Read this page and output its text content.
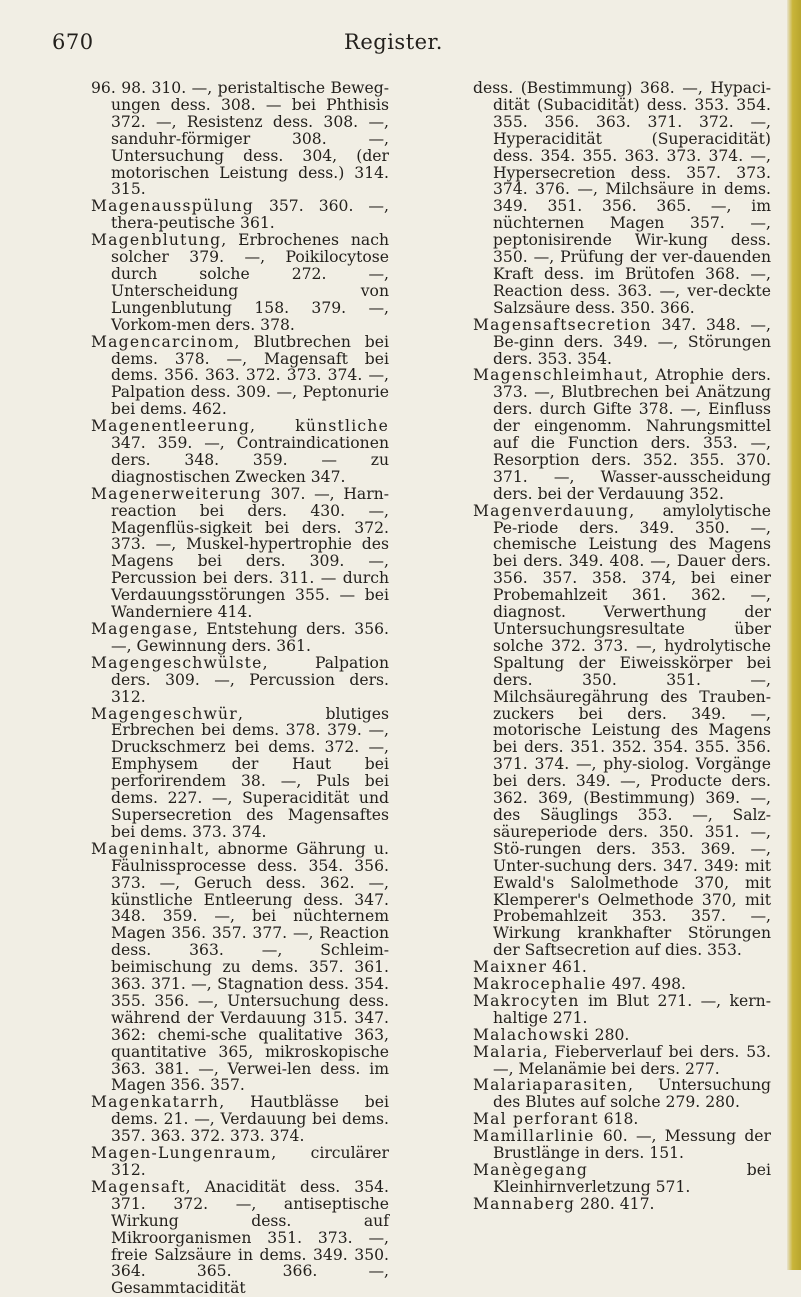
670	Register.

96. 98. 310. —, peristaltische Beweg-ungen dess. 308. — bei Phthisis 372. —, Resistenz dess. 308. —, sanduhr-förmiger 308. —, Untersuchung dess. 304, (der motorischen Leistung dess.) 314. 315.

Magenausspülung 357. 360. —, thera-peutische 361.

Magenblutung, Erbrochenes nach solcher 379. —, Poikilocytose durch solche 272. —, Unterscheidung von Lungenblutung 158. 379. —, Vorkom-men ders. 378.

Magencarcinom, Blutbrechen bei dems. 378. —, Magensaft bei dems. 356. 363. 372. 373. 374. —, Palpation dess. 309. —, Peptonurie bei dems. 462.

Magenentleerung, künstliche 347. 359. —, Contraindicationen ders. 348. 359. — zu diagnostischen Zwecken 347.

Magenerweiterung 307. —, Harn-reaction bei ders. 430. —, Magenflüs-sigkeit bei ders. 372. 373. —, Muskel-hypertrophie des Magens bei ders. 309. —, Percussion bei ders. 311. — durch Verdauungsstörungen 355. — bei Wanderniere 414.

Magengase, Entstehung ders. 356. —, Gewinnung ders. 361.

Magengeschwülste, Palpation ders. 309. —, Percussion ders. 312.

Magengeschwür, blutiges Erbrechen bei dems. 378. 379. —, Druckschmerz bei dems. 372. —, Emphysem der Haut bei perforirendem 38. —, Puls bei dems. 227. —, Superacidität und Supersecretion des Magensaftes bei dems. 373. 374.

Mageninhalt, abnorme Gährung u. Fäulnissprocesse dess. 354. 356. 373. —, Geruch dess. 362. —, künstliche Entleerung dess. 347. 348. 359. —, bei nüchternem Magen 356. 357. 377. —, Reaction dess. 363. —, Schleim-beimischung zu dems. 357. 361. 363. 371. —, Stagnation dess. 354. 355. 356. —, Untersuchung dess. während der Verdauung 315. 347. 362: chemi-sche qualitative 363, quantitative 365, mikroskopische 363. 381. —, Verwei-len dess. im Magen 356. 357.

Magenkatarrh, Hautblässe bei dems. 21. —, Verdauung bei dems. 357. 363. 372. 373. 374.

Magen-Lungenraum, circulärer 312.

Magensaft, Anacidität dess. 354. 371. 372. —, antiseptische Wirkung dess. auf Mikroorganismen 351. 373. —, freie Salzsäure in dems. 349. 350. 364. 365. 366. —, Gesammtacidität

dess. (Bestimmung) 368. —, Hypaci-dität (Subacidität) dess. 353. 354. 355. 356. 363. 371. 372. —, Hyperacidität (Superacidität) dess. 354. 355. 363. 373. 374. —, Hypersecretion dess. 357. 373. 374. 376. —, Milchsäure in dems. 349. 351. 356. 365. —, im nüchternen Magen 357. —, peptonisirende Wir-kung dess. 350. —, Prüfung der ver-dauenden Kraft dess. im Brütofen 368. —, Reaction dess. 363. —, ver-deckte Salzsäure dess. 350. 366.

Magensaftsecretion 347. 348. —, Be-ginn ders. 349. —, Störungen ders. 353. 354.

Magenschleimhaut, Atrophie ders. 373. —, Blutbrechen bei Anätzung ders. durch Gifte 378. —, Einfluss der eingenomm. Nahrungsmittel auf die Function ders. 353. —, Resorption ders. 352. 355. 370. 371. —, Wasser-ausscheidung ders. bei der Verdauung 352.

Magenverdauung, amylolytische Pe-riode ders. 349. 350. —, chemische Leistung des Magens bei ders. 349. 408. —, Dauer ders. 356. 357. 358. 374, bei einer Probemahlzeit 361. 362. —, diagnost. Verwerthung der Untersuchungsresultate über solche 372. 373. —, hydrolytische Spaltung der Eiweisskörper bei ders. 350. 351. —, Milchsäuregährung des Trauben-zuckers bei ders. 349. —, motorische Leistung des Magens bei ders. 351. 352. 354. 355. 356. 371. 374. —, phy-siolog. Vorgänge bei ders. 349. —, Producte ders. 362. 369, (Bestimmung) 369. —, des Säuglings 353. —, Salz-säureperiode ders. 350. 351. —, Stö-rungen ders. 353. 369. —, Unter-suchung ders. 347. 349: mit Ewald's Salolmethode 370, mit Klemperer's Oelmethode 370, mit Probemahlzeit 353. 357. —, Wirkung krankhafter Störungen der Saftsecretion auf dies. 353.

Maixner 461.

Makrocephalie 497. 498.

Makrocyten im Blut 271. —, kern-haltige 271.

Malachowski 280.

Malaria, Fieberverlauf bei ders. 53. —, Melanämie bei ders. 277.

Malariaparasiten, Untersuchung des Blutes auf solche 279. 280.

Mal perforant 618.

Mamillarlinie 60. —, Messung der Brustlänge in ders. 151.

Manègegang bei Kleinhirnverletzung 571.

Mannaberg 280. 417.
